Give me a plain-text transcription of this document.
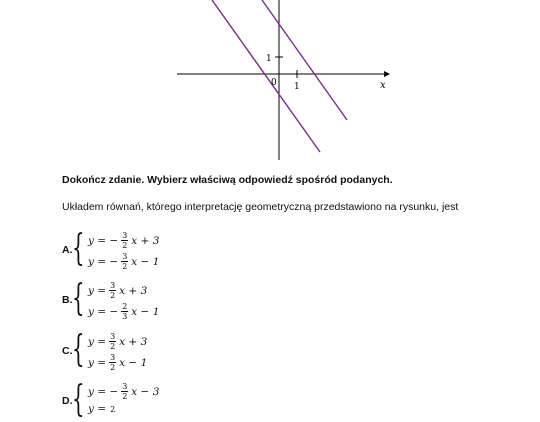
0 1
1
x
Dokończ zdanie. Wybierz właściwą odpowiedź spośród podanych.
Układem równań, którego interpretację geometryczną przedstawiono na rysunku, jest
A. { y = − $\frac{3}{2}$ x + 3
y = − $\frac{3}{2}$ x − 1
B. { $y = \frac{3}{2}$ x + 3
y = − $\frac{2}{3}$ x − 1
C. { $y = \frac{3}{2}$ x + 3
$y = \frac{3}{2}$ x − 1
D. { y = − $\frac{3}{2}$ x − 3
y = 2
